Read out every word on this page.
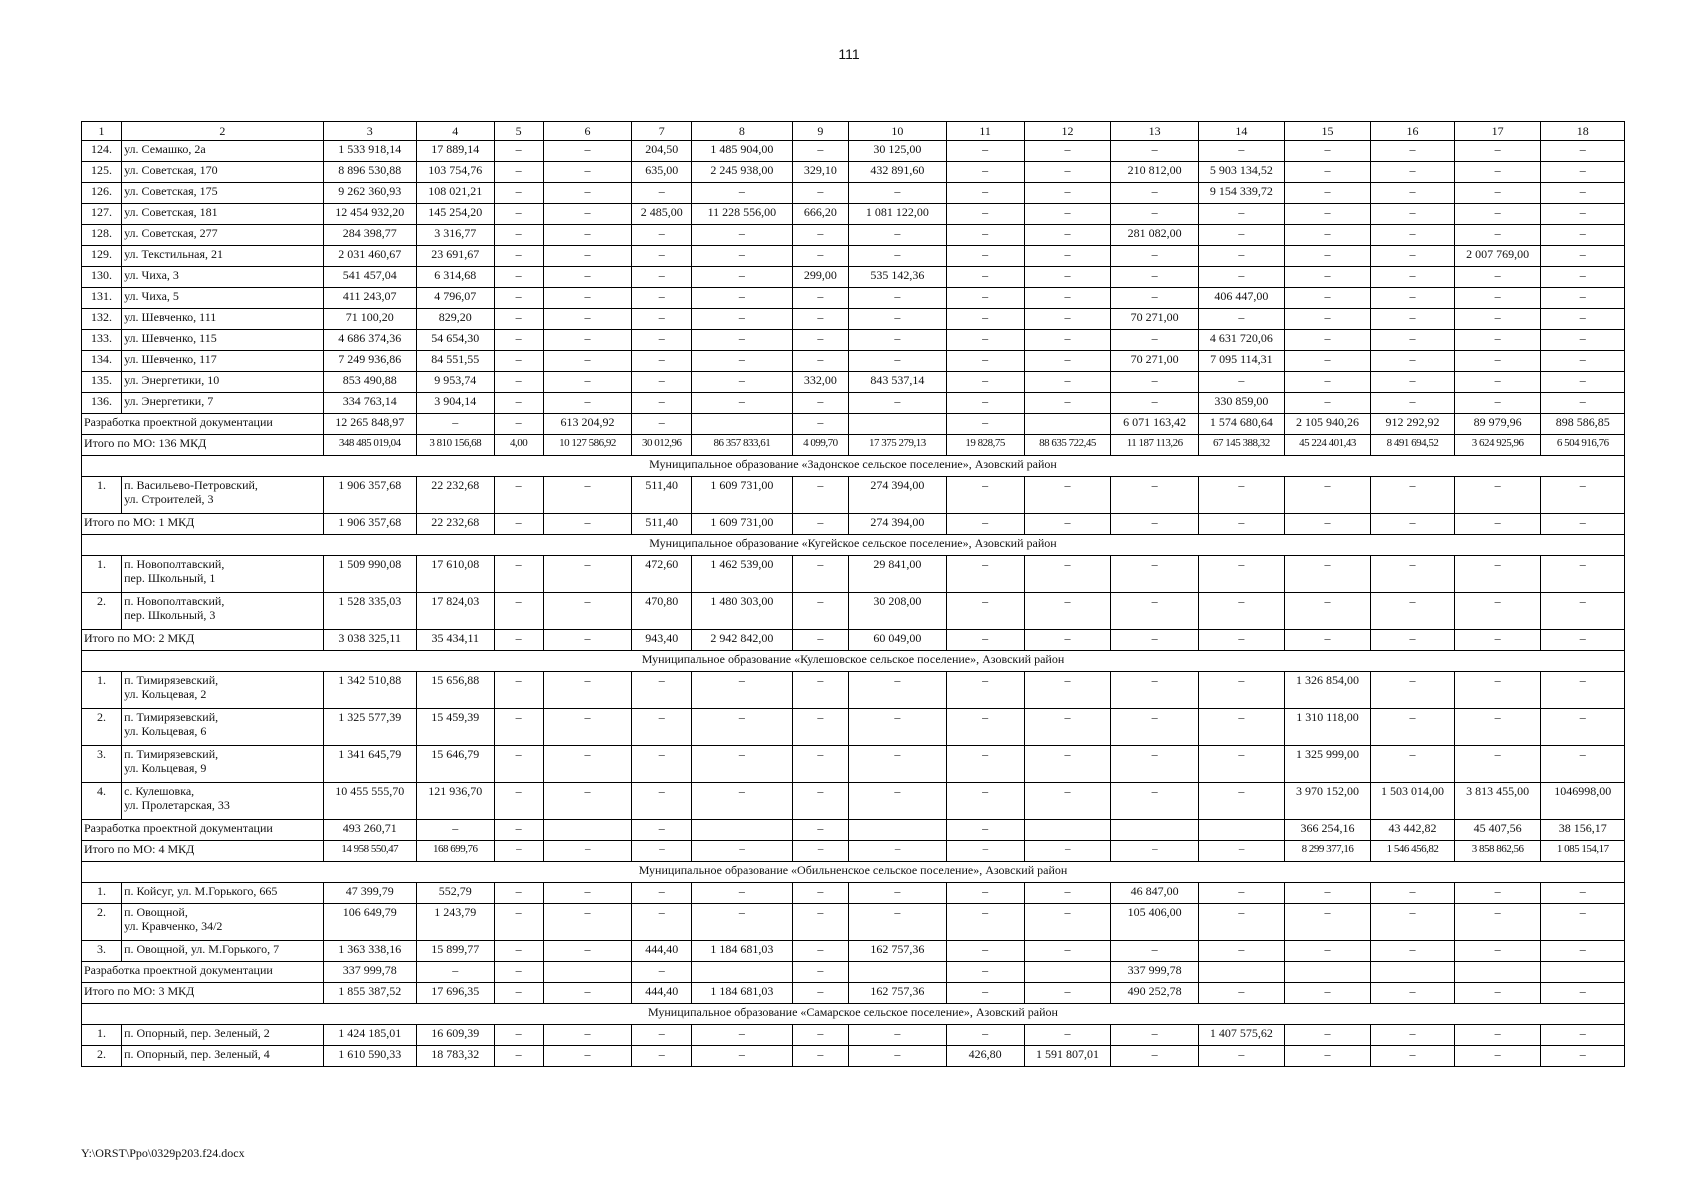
111
1	2	3	4	5	6	7	8	9	10	11	12	13	14	15	16	17	18
124.	ул. Семашко, 2а	1 533 918,14	17 889,14	–	–	204,50	1 485 904,00	–	30 125,00	–	–	–	–	–	–	–	–
125.	ул. Советская, 170	8 896 530,88	103 754,76	–	–	635,00	2 245 938,00	329,10	432 891,60	–	–	210 812,00	5 903 134,52	–	–	–	–
126.	ул. Советская, 175	9 262 360,93	108 021,21	–	–	–	–	–	–	–	–	–	9 154 339,72	–	–	–	–
127.	ул. Советская, 181	12 454 932,20	145 254,20	–	–	2 485,00	11 228 556,00	666,20	1 081 122,00	–	–	–	–	–	–	–	–
128.	ул. Советская, 277	284 398,77	3 316,77	–	–	–	–	–	–	–	–	281 082,00	–	–	–	–	–
129.	ул. Текстильная, 21	2 031 460,67	23 691,67	–	–	–	–	–	–	–	–	–	–	–	–	2 007 769,00	–
130.	ул. Чиха, 3	541 457,04	6 314,68	–	–	–	–	299,00	535 142,36	–	–	–	–	–	–	–	–
131.	ул. Чиха, 5	411 243,07	4 796,07	–	–	–	–	–	–	–	–	–	406 447,00	–	–	–	–
132.	ул. Шевченко, 111	71 100,20	829,20	–	–	–	–	–	–	–	–	70 271,00	–	–	–	–	–
133.	ул. Шевченко, 115	4 686 374,36	54 654,30	–	–	–	–	–	–	–	–	–	4 631 720,06	–	–	–	–
134.	ул. Шевченко, 117	7 249 936,86	84 551,55	–	–	–	–	–	–	–	–	70 271,00	7 095 114,31	–	–	–	–
135.	ул. Энергетики, 10	853 490,88	9 953,74	–	–	–	–	332,00	843 537,14	–	–	–	–	–	–	–	–
136.	ул. Энергетики, 7	334 763,14	3 904,14	–	–	–	–	–	–	–	–	–	330 859,00	–	–	–	–
Разработка проектной документации		12 265 848,97	–	–	613 204,92	–		–		–		6 071 163,42	1 574 680,64	2 105 940,26	912 292,92	89 979,96	898 586,85
Итого по МО: 136 МКД		348 485 019,04	3 810 156,68	4,00	10 127 586,92	30 012,96	86 357 833,61	4 099,70	17 375 279,13	19 828,75	88 635 722,45	11 187 113,26	67 145 388,32	45 224 401,43	8 491 694,52	3 624 925,96	6 504 916,76
Муниципальное образование «Задонское сельское поселение», Азовский район																	
1.	п. Васильево-Петровский,
ул. Строителей, 3	1 906 357,68	22 232,68	–	–	511,40	1 609 731,00	–	274 394,00	–	–	–	–	–	–	–	–
Итого по МО: 1 МКД		1 906 357,68	22 232,68	–	–	511,40	1 609 731,00	–	274 394,00	–	–	–	–	–	–	–	–
Муниципальное образование «Кугейское сельское поселение», Азовский район																	
1.	п. Новополтавский,
пер. Школьный, 1	1 509 990,08	17 610,08	–	–	472,60	1 462 539,00	–	29 841,00	–	–	–	–	–	–	–	–
2.	п. Новополтавский,
пер. Школьный, 3	1 528 335,03	17 824,03	–	–	470,80	1 480 303,00	–	30 208,00	–	–	–	–	–	–	–	–
Итого по МО: 2 МКД		3 038 325,11	35 434,11	–	–	943,40	2 942 842,00	–	60 049,00	–	–	–	–	–	–	–	–
Муниципальное образование «Кулешовское сельское поселение», Азовский район																	
1.	п. Тимирязевский,
ул. Кольцевая, 2	1 342 510,88	15 656,88	–	–	–	–	–	–	–	–	–	–	1 326 854,00	–	–	–
2.	п. Тимирязевский,
ул. Кольцевая, 6	1 325 577,39	15 459,39	–	–	–	–	–	–	–	–	–	–	1 310 118,00	–	–	–
3.	п. Тимирязевский,
ул. Кольцевая, 9	1 341 645,79	15 646,79	–	–	–	–	–	–	–	–	–	–	1 325 999,00	–	–	–
4.	с. Кулешовка,
ул. Пролетарская, 33	10 455 555,70	121 936,70	–	–	–	–	–	–	–	–	–	–	3 970 152,00	1 503 014,00	3 813 455,00	1046998,00
Разработка проектной документации		493 260,71	–	–		–		–		–				366 254,16	43 442,82	45 407,56	38 156,17
Итого по МО: 4 МКД		14 958 550,47	168 699,76	–	–	–	–	–	–	–	–	–	–	8 299 377,16	1 546 456,82	3 858 862,56	1 085 154,17
Муниципальное образование «Обильненское сельское поселение», Азовский район																	
1.	п. Койсуг, ул. М.Горького, 665	47 399,79	552,79	–	–	–	–	–	–	–	–	46 847,00	–	–	–	–	–
2.	п. Овощной,
ул. Кравченко, 34/2	106 649,79	1 243,79	–	–	–	–	–	–	–	–	105 406,00	–	–	–	–	–
3.	п. Овощной, ул. М.Горького, 7	1 363 338,16	15 899,77	–	–	444,40	1 184 681,03	–	162 757,36	–	–	–	–	–	–	–	–
Разработка проектной документации		337 999,78	–	–		–		–		–		337 999,78					
Итого по МО: 3 МКД		1 855 387,52	17 696,35	–	–	444,40	1 184 681,03	–	162 757,36	–	–	490 252,78	–	–	–	–	–
Муниципальное образование «Самарское сельское поселение», Азовский район																	
1.	п. Опорный, пер. Зеленый, 2	1 424 185,01	16 609,39	–	–	–	–	–	–	–	–	–	1 407 575,62	–	–	–	–
2.	п. Опорный, пер. Зеленый, 4	1 610 590,33	18 783,32	–	–	–	–	–	–	426,80	1 591 807,01	–	–	–	–	–	–
Y:\ORST\Ppo\0329p203.f24.docx
